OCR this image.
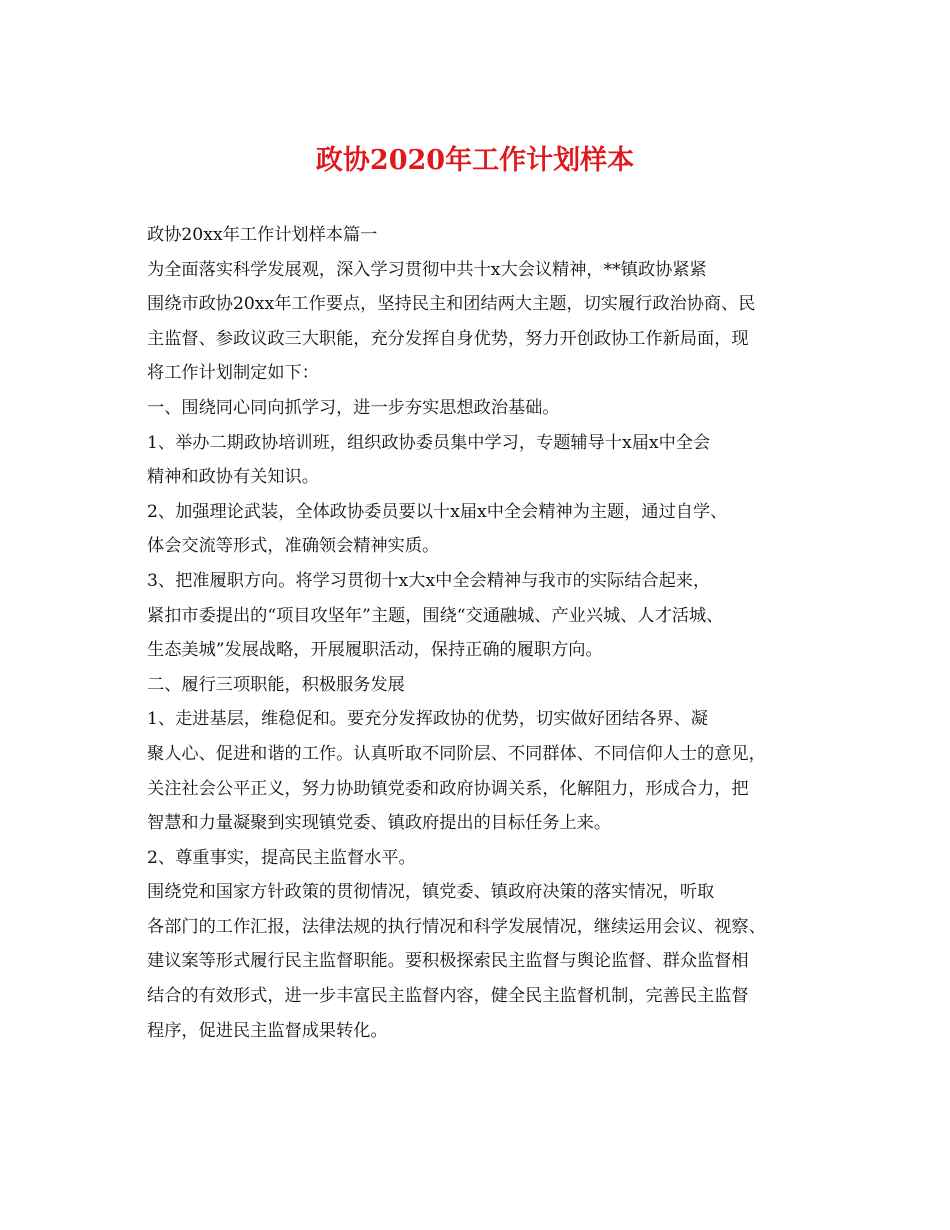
政协2020年工作计划样本

政协20xx年工作计划样本篇一

为全面落实科学发展观，深入学习贯彻中共十x大会议精神，**镇政协紧紧
围绕市政协20xx年工作要点，坚持民主和团结两大主题，切实履行政治协商、民
主监督、参政议政三大职能，充分发挥自身优势，努力开创政协工作新局面，现
将工作计划制定如下：

一、围绕同心同向抓学习，进一步夯实思想政治基础。

1、举办二期政协培训班，组织政协委员集中学习，专题辅导十x届x中全会
精神和政协有关知识。

2、加强理论武装，全体政协委员要以十x届x中全会精神为主题，通过自学、
体会交流等形式，准确领会精神实质。

3、把准履职方向。将学习贯彻十x大x中全会精神与我市的实际结合起来，
紧扣市委提出的“项目攻坚年”主题，围绕“交通融城、产业兴城、人才活城、
生态美城”发展战略，开展履职活动，保持正确的履职方向。

二、履行三项职能，积极服务发展

1、走进基层，维稳促和。要充分发挥政协的优势，切实做好团结各界、凝
聚人心、促进和谐的工作。认真听取不同阶层、不同群体、不同信仰人士的意见，
关注社会公平正义，努力协助镇党委和政府协调关系，化解阻力，形成合力，把
智慧和力量凝聚到实现镇党委、镇政府提出的目标任务上来。

2、尊重事实，提高民主监督水平。

围绕党和国家方针政策的贯彻情况，镇党委、镇政府决策的落实情况，听取
各部门的工作汇报，法律法规的执行情况和科学发展情况，继续运用会议、视察、
建议案等形式履行民主监督职能。要积极探索民主监督与舆论监督、群众监督相
结合的有效形式，进一步丰富民主监督内容，健全民主监督机制，完善民主监督
程序，促进民主监督成果转化。
